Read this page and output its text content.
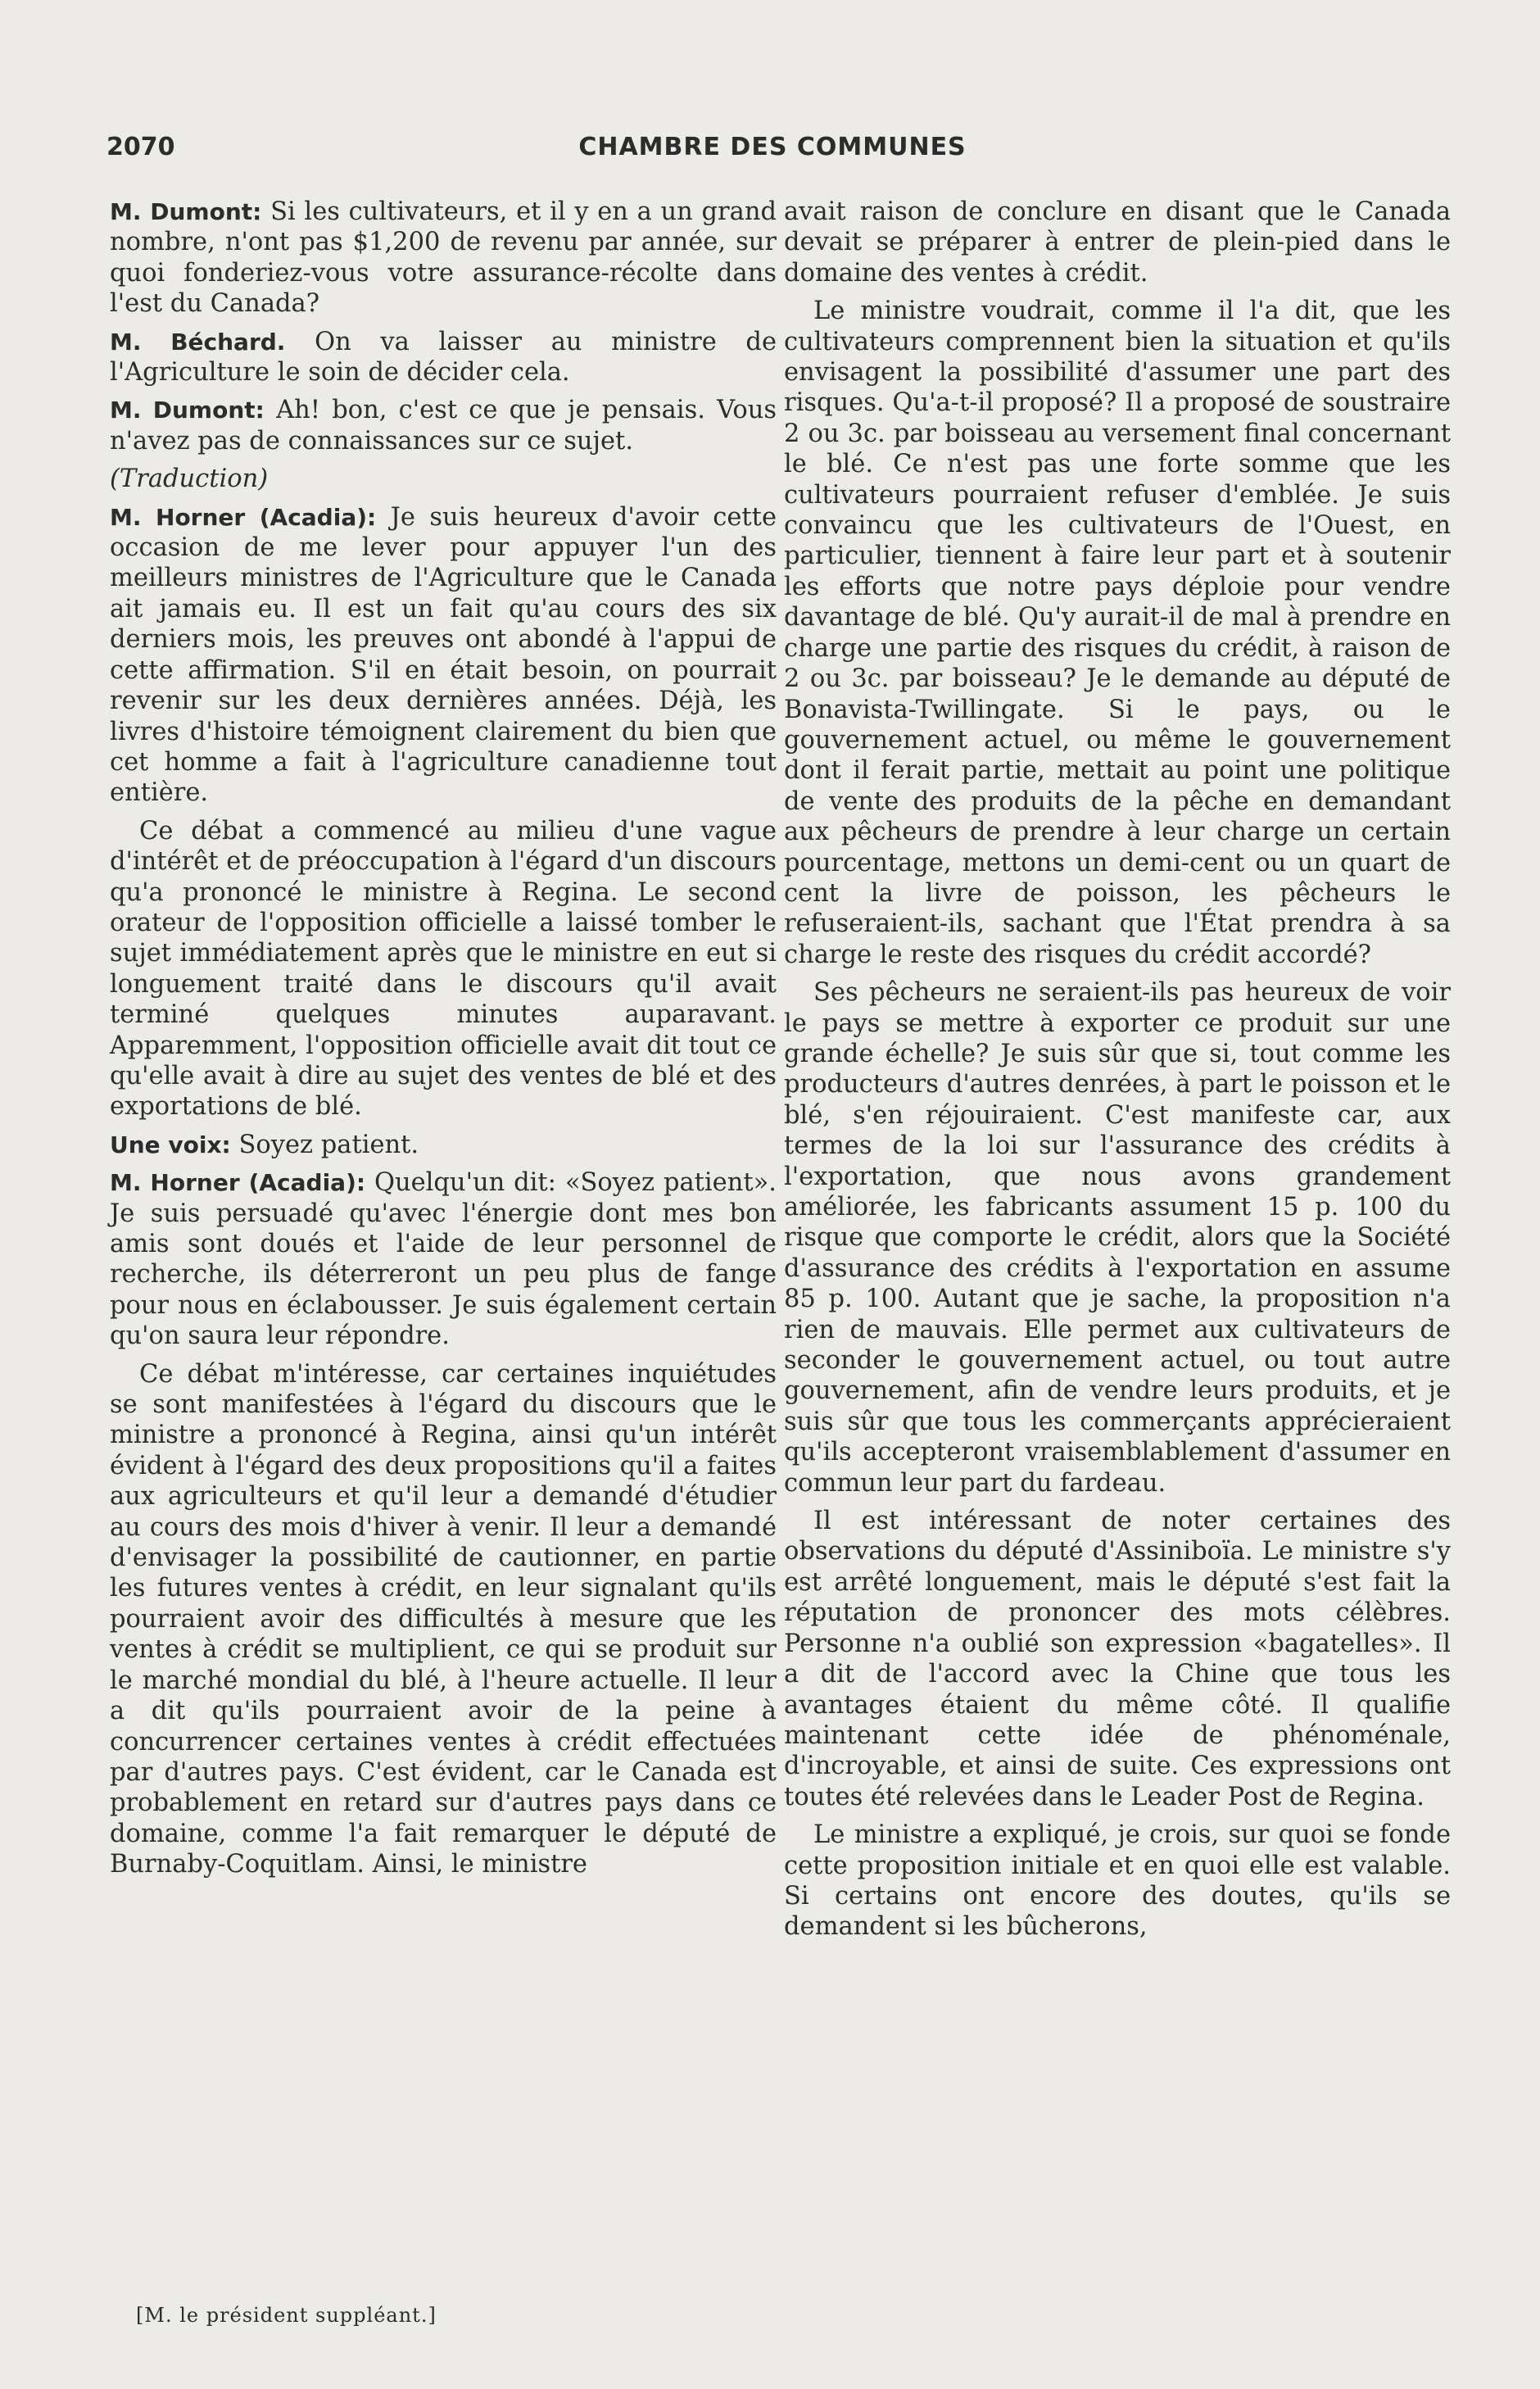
2070	CHAMBRE DES COMMUNES

M. Dumont: Si les cultivateurs, et il y en a un grand nombre, n'ont pas $1,200 de revenu par année, sur quoi fonderiez-vous votre assurance-récolte dans l'est du Canada?

M. Béchard. On va laisser au ministre de l'Agriculture le soin de décider cela.

M. Dumont: Ah! bon, c'est ce que je pensais. Vous n'avez pas de connaissances sur ce sujet.

(Traduction)

M. Horner (Acadia): Je suis heureux d'avoir cette occasion de me lever pour appuyer l'un des meilleurs ministres de l'Agriculture que le Canada ait jamais eu. Il est un fait qu'au cours des six derniers mois, les preuves ont abondé à l'appui de cette affirmation. S'il en était besoin, on pourrait revenir sur les deux dernières années. Déjà, les livres d'histoire témoignent clairement du bien que cet homme a fait à l'agriculture canadienne tout entière.

Ce débat a commencé au milieu d'une vague d'intérêt et de préoccupation à l'égard d'un discours qu'a prononcé le ministre à Regina. Le second orateur de l'opposition officielle a laissé tomber le sujet immédiatement après que le ministre en eut si longuement traité dans le discours qu'il avait terminé quelques minutes auparavant. Apparemment, l'opposition officielle avait dit tout ce qu'elle avait à dire au sujet des ventes de blé et des exportations de blé.

Une voix: Soyez patient.

M. Horner (Acadia): Quelqu'un dit: «Soyez patient». Je suis persuadé qu'avec l'énergie dont mes bon amis sont doués et l'aide de leur personnel de recherche, ils déterreront un peu plus de fange pour nous en éclabousser. Je suis également certain qu'on saura leur répondre.

Ce débat m'intéresse, car certaines inquiétudes se sont manifestées à l'égard du discours que le ministre a prononcé à Regina, ainsi qu'un intérêt évident à l'égard des deux propositions qu'il a faites aux agriculteurs et qu'il leur a demandé d'étudier au cours des mois d'hiver à venir. Il leur a demandé d'envisager la possibilité de cautionner, en partie les futures ventes à crédit, en leur signalant qu'ils pourraient avoir des difficultés à mesure que les ventes à crédit se multiplient, ce qui se produit sur le marché mondial du blé, à l'heure actuelle. Il leur a dit qu'ils pourraient avoir de la peine à concurrencer certaines ventes à crédit effectuées par d'autres pays. C'est évident, car le Canada est probablement en retard sur d'autres pays dans ce domaine, comme l'a fait remarquer le député de Burnaby-Coquitlam. Ainsi, le ministre

avait raison de conclure en disant que le Canada devait se préparer à entrer de plein-pied dans le domaine des ventes à crédit.

Le ministre voudrait, comme il l'a dit, que les cultivateurs comprennent bien la situation et qu'ils envisagent la possibilité d'assumer une part des risques. Qu'a-t-il proposé? Il a proposé de soustraire 2 ou 3c. par boisseau au versement final concernant le blé. Ce n'est pas une forte somme que les cultivateurs pourraient refuser d'emblée. Je suis convaincu que les cultivateurs de l'Ouest, en particulier, tiennent à faire leur part et à soutenir les efforts que notre pays déploie pour vendre davantage de blé. Qu'y aurait-il de mal à prendre en charge une partie des risques du crédit, à raison de 2 ou 3c. par boisseau? Je le demande au député de Bonavista-Twillingate. Si le pays, ou le gouvernement actuel, ou même le gouvernement dont il ferait partie, mettait au point une politique de vente des produits de la pêche en demandant aux pêcheurs de prendre à leur charge un certain pourcentage, mettons un demi-cent ou un quart de cent la livre de poisson, les pêcheurs le refuseraient-ils, sachant que l'État prendra à sa charge le reste des risques du crédit accordé?

Ses pêcheurs ne seraient-ils pas heureux de voir le pays se mettre à exporter ce produit sur une grande échelle? Je suis sûr que si, tout comme les producteurs d'autres denrées, à part le poisson et le blé, s'en réjouiraient. C'est manifeste car, aux termes de la loi sur l'assurance des crédits à l'exportation, que nous avons grandement améliorée, les fabricants assument 15 p. 100 du risque que comporte le crédit, alors que la Société d'assurance des crédits à l'exportation en assume 85 p. 100. Autant que je sache, la proposition n'a rien de mauvais. Elle permet aux cultivateurs de seconder le gouvernement actuel, ou tout autre gouvernement, afin de vendre leurs produits, et je suis sûr que tous les commerçants apprécieraient qu'ils accepteront vraisemblablement d'assumer en commun leur part du fardeau.

Il est intéressant de noter certaines des observations du député d'Assiniboïa. Le ministre s'y est arrêté longuement, mais le député s'est fait la réputation de prononcer des mots célèbres. Personne n'a oublié son expression «bagatelles». Il a dit de l'accord avec la Chine que tous les avantages étaient du même côté. Il qualifie maintenant cette idée de phénoménale, d'incroyable, et ainsi de suite. Ces expressions ont toutes été relevées dans le Leader Post de Regina.

Le ministre a expliqué, je crois, sur quoi se fonde cette proposition initiale et en quoi elle est valable. Si certains ont encore des doutes, qu'ils se demandent si les bûcherons,

[M. le président suppléant.]
